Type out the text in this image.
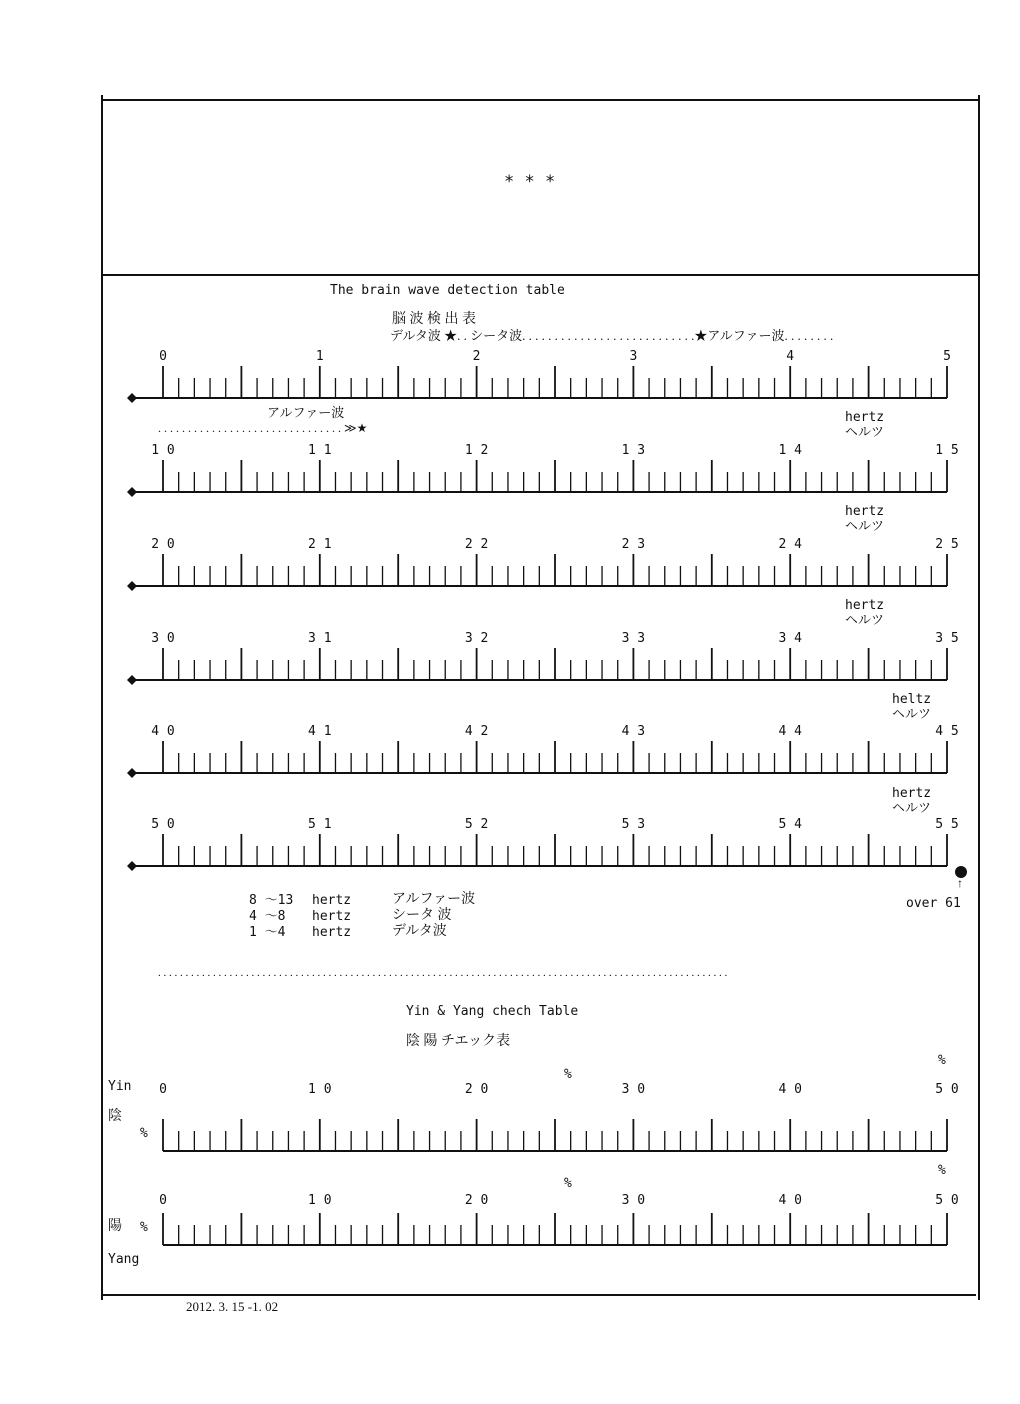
0	1	2	3	4	5
1 0	1 1	1 2	1 3	1 4	1 5
2 0	2 1	2 2	2 3	2 4	2 5
3 0	3 1	3 2	3 3	3 4	3 5
4 0	4 1	4 2	4 3	4 4	4 5
5 0	5 1	5 2	5 3	5 4	5 5
0	1 0	2 0	3 0	4 0	5 0
0	1 0	2 0	3 0	4 0	5 0
* * *
The brain wave detection table
脳 波 検 出 表
デルタ波 ★. . シータ波. . . . . . . . . . . . . . . . . . . . . . . . . . .★アルファー波. . . . . . . .
アルファー波
. . . . . . . . . . . . . . . . . . . . . . . . . . . . . . . ≫★
hertz
ヘルツ
hertz
ヘルツ
hertz
ヘルツ
heltz
ヘルツ
hertz
ヘルツ
↑
over 61
8 ～13 hertz	アルファー波
4 ～8 hertz	シータ 波
1 ～4 hertz	デルタ波
. . . . . . . . . . . . . . . . . . . . . . . . . . . . . . . . . . . . . . . . . . . . . . . . . . . . . . . . . . . . . . . . . . . . . . . . . . . . . . . . . . . . . . . . . . . . . . . . . . . . . . . .
Yin & Yang chech Table
陰 陽 チエック表
Yin
陰
%
%
%
陽 %
Yang
%
%
2012. 3. 15 -1. 02
